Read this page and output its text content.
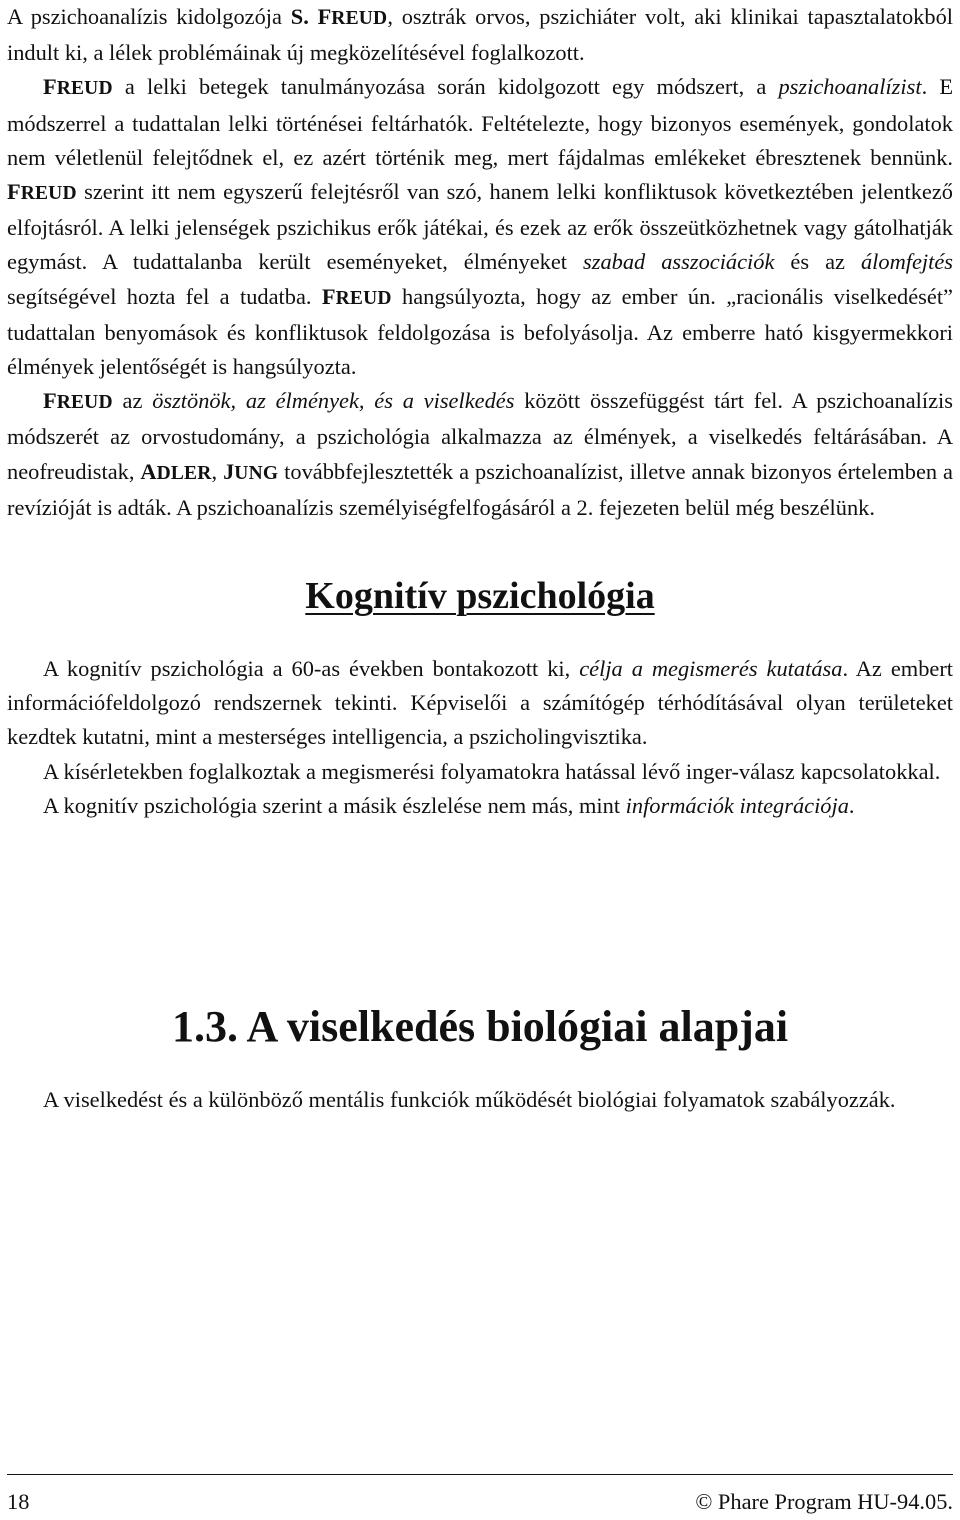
A pszichoanalízis kidolgozója S. FREUD, osztrák orvos, pszichiáter volt, aki klinikai tapasztalatokból indult ki, a lélek problémáinak új megközelítésével foglalkozott.

FREUD a lelki betegek tanulmányozása során kidolgozott egy módszert, a pszichoanalízist. E módszerrel a tudattalan lelki történései feltárhatók. Feltételezte, hogy bizonyos események, gondolatok nem véletlenül felejtődnek el, ez azért történik meg, mert fájdalmas emlékeket ébresztenek bennünk. FREUD szerint itt nem egyszerű felejtésről van szó, hanem lelki konfliktusok következtében jelentkező elfojtásról. A lelki jelenségek pszichikus erők játékai, és ezek az erők összeütközhetnek vagy gátolhatják egymást. A tudattalanba került eseményeket, élményeket szabad asszociációk és az álomfejtés segítségével hozta fel a tudatba. FREUD hangsúlyozta, hogy az ember ún. „racionális viselkedését” tudattalan benyomások és konfliktusok feldolgozása is befolyásolja. Az emberre ható kisgyermekkori élmények jelentőségét is hangsúlyozta.

FREUD az ösztönök, az élmények, és a viselkedés között összefüggést tárt fel. A pszichoanalízis módszerét az orvostudomány, a pszichológia alkalmazza az élmények, a viselkedés feltárásában. A neofreudistak, ADLER, JUNG továbbfejlesztették a pszichoanalízist, illetve annak bizonyos értelemben a revízióját is adták. A pszichoanalízis személyiségfelfogásáról a 2. fejezeten belül még beszélünk.

Kognitív pszichológia

A kognitív pszichológia a 60-as években bontakozott ki, célja a megismerés kutatása. Az embert információfeldolgozó rendszernek tekinti. Képviselői a számítógép térhódításával olyan területeket kezdtek kutatni, mint a mesterséges intelligencia, a pszicholingvisztika.

A kísérletekben foglalkoztak a megismerési folyamatokra hatással lévő inger-válasz kapcsolatokkal.

A kognitív pszichológia szerint a másik észlelése nem más, mint információk integrációja.

1.3. A viselkedés biológiai alapjai

A viselkedést és a különböző mentális funkciók működését biológiai folyamatok szabályozzák.

18	© Phare Program HU-94.05.
